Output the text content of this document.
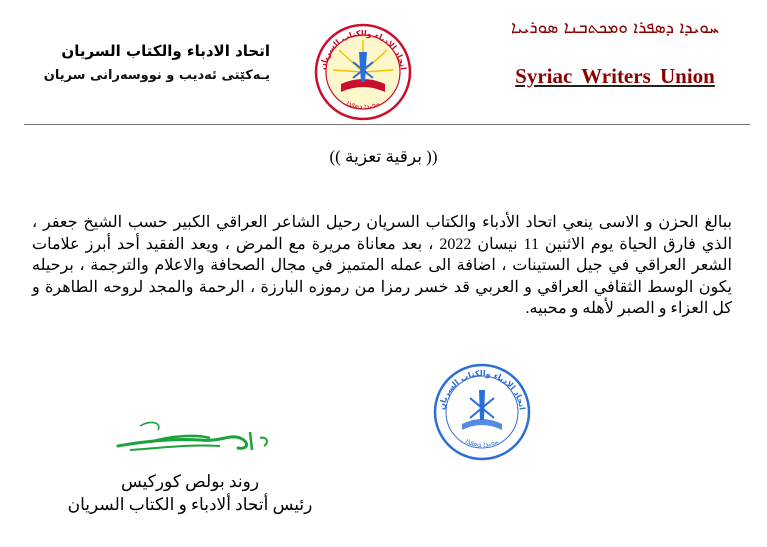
اتحاد الادباء والكتاب السريان
یـەکێتی ئەدیب و نووسەرانی سریان
اتحاد الادباء والكتاب السريان
ܚܘܝܕܐ ܕܣܦܪܐ
ܚܘܝܕܐ ܕܣܦܪܐ ܘܡܟܬܒܢܐ ܣܘܪܝܝܐ
Syriac Writers Union
(( برقية تعزية ))
ببالغ الحزن و الاسى ينعي اتحاد الأدباء والكتاب السريان رحيل الشاعر العراقي الكبير حسب الشيخ جعفر ، الذي فارق الحياة يوم الاثنين 11 نيسان 2022 ، بعد معاناة مريرة مع المرض ، ويعد الفقيد أحد أبرز علامات الشعر العراقي في جيل الستينات ، اضافة الى عمله المتميز في مجال الصحافة والاعلام والترجمة ، برحيله يكون الوسط الثقافي العراقي و العربي قد خسر رمزا من رموزه البارزة ، الرحمة والمجد لروحه الطاهرة و كل العزاء و الصبر لأهله و محبيه.
اتحاد الادباء والكتاب السريان
ܚܘܝܕܐ ܕܣܦܪܐ
روند بولص كوركيس
رئيس أتحاد ألادباء و الكتاب السريان
